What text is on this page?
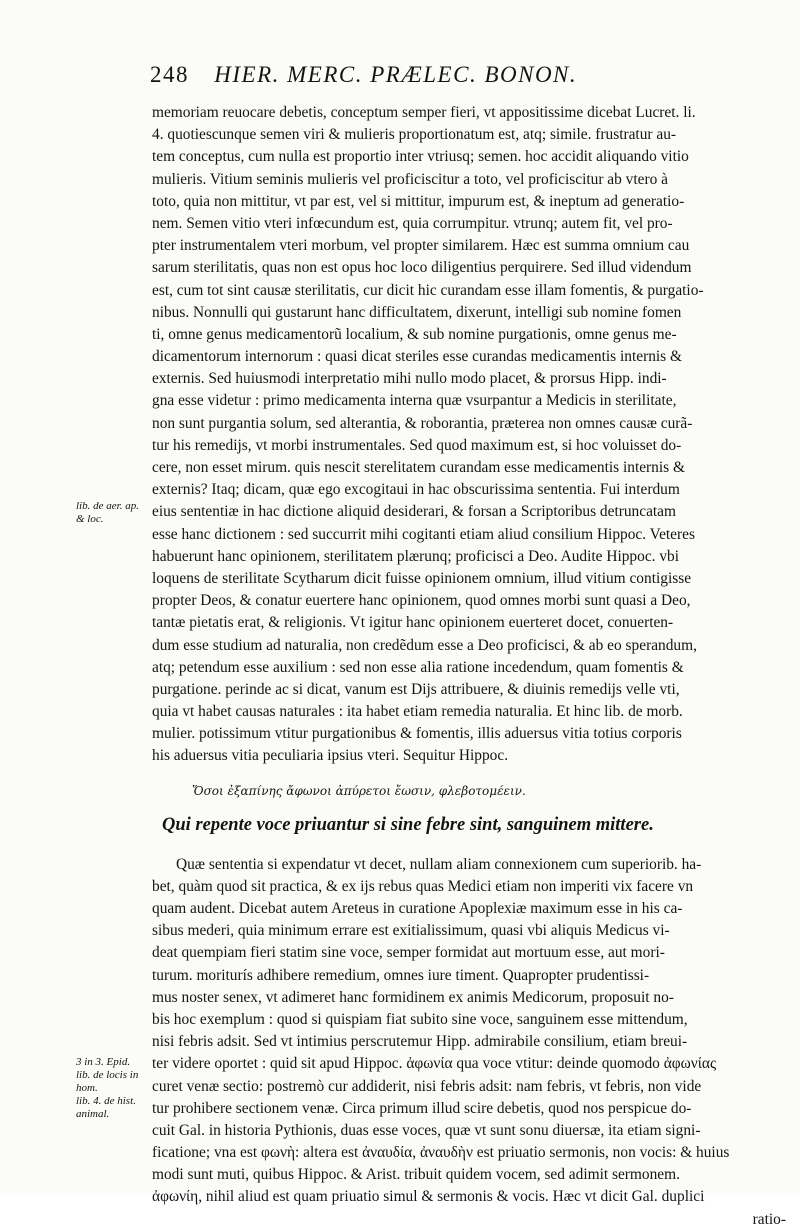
248 HIER. MERC. PRÆLEC. BONON.
lib. de aer. ap.
& loc.
3 in 3. Epid.
lib. de locis in
hom.
lib. 4. de hist.
animal.
memoriam reuocare debetis, conceptum semper fieri, vt appositissime dicebat Lucret. li.
4. quotiescunque semen viri & mulieris proportionatum est, atq; simile. frustratur au-
tem conceptus, cum nulla est proportio inter vtriusq; semen. hoc accidit aliquando vitio
mulieris. Vitium seminis mulieris vel proficiscitur a toto, vel proficiscitur ab vtero à
toto, quia non mittitur, vt par est, vel si mittitur, impurum est, & ineptum ad generatio-
nem. Semen vitio vteri infœcundum est, quia corrumpitur. vtrunq; autem fit, vel pro-
pter instrumentalem vteri morbum, vel propter similarem. Hæc est summa omnium cau
sarum sterilitatis, quas non est opus hoc loco diligentius perquirere. Sed illud videndum
est, cum tot sint causæ sterilitatis, cur dicit hic curandam esse illam fomentis, & purgatio-
nibus. Nonnulli qui gustarunt hanc difficultatem, dixerunt, intelligi sub nomine fomen
ti, omne genus medicamentorũ localium, & sub nomine purgationis, omne genus me-
dicamentorum internorum : quasi dicat steriles esse curandas medicamentis internis &
externis. Sed huiusmodi interpretatio mihi nullo modo placet, & prorsus Hipp. indi-
gna esse videtur : primo medicamenta interna quæ vsurpantur a Medicis in sterilitate,
non sunt purgantia solum, sed alterantia, & roborantia, præterea non omnes causæ curã-
tur his remedijs, vt morbi instrumentales. Sed quod maximum est, si hoc voluisset do-
cere, non esset mirum. quis nescit sterelitatem curandam esse medicamentis internis &
externis? Itaq; dicam, quæ ego excogitaui in hac obscurissima sententia. Fui interdum
eius sententiæ in hac dictione aliquid desiderari, & forsan a Scriptoribus detruncatam
esse hanc dictionem : sed succurrit mihi cogitanti etiam aliud consilium Hippoc. Veteres
habuerunt hanc opinionem, sterilitatem plærunq; proficisci a Deo. Audite Hippoc. vbi
loquens de sterilitate Scytharum dicit fuisse opinionem omnium, illud vitium contigisse
propter Deos, & conatur euertere hanc opinionem, quod omnes morbi sunt quasi a Deo,
tantæ pietatis erat, & religionis. Vt igitur hanc opinionem euerteret docet, conuerten-
dum esse studium ad naturalia, non credẽdum esse a Deo proficisci, & ab eo sperandum,
atq; petendum esse auxilium : sed non esse alia ratione incedendum, quam fomentis &
purgatione. perinde ac si dicat, vanum est Dijs attribuere, & diuinis remedijs velle vti,
quia vt habet causas naturales : ita habet etiam remedia naturalia. Et hinc lib. de morb.
mulier. potissimum vtitur purgationibus & fomentis, illis aduersus vitia totius corporis
his aduersus vitia peculiaria ipsius vteri. Sequitur Hippoc.
Ὅσοι ἐξαπίνης ἄφωνοι ἀπύρετοι ἔωσιν, φλεβοτομέειν.
Qui repente voce priuantur si sine febre sint, sanguinem mittere.
Quæ sententia si expendatur vt decet, nullam aliam connexionem cum superiorib. ha-
bet, quàm quod sit practica, & ex ijs rebus quas Medici etiam non imperiti vix facere vn
quam audent. Dicebat autem Areteus in curatione Apoplexiæ maximum esse in his ca-
sibus mederi, quia minimum errare est exitialissimum, quasi vbi aliquis Medicus vi-
deat quempiam fieri statim sine voce, semper formidat aut mortuum esse, aut mori-
turum. moriturís adhibere remedium, omnes iure timent. Quapropter prudentissi-
mus noster senex, vt adimeret hanc formidinem ex animis Medicorum, proposuit no-
bis hoc exemplum : quod si quispiam fiat subito sine voce, sanguinem esse mittendum,
nisi febris adsit. Sed vt intimius perscrutemur Hipp. admirabile consilium, etiam breui-
ter videre oportet : quid sit apud Hippoc. ἀφωνία qua voce vtitur: deinde quomodo ἀφωνίας
curet venæ sectio: postremò cur addiderit, nisi febris adsit: nam febris, vt febris, non vide
tur prohibere sectionem venæ. Circa primum illud scire debetis, quod nos perspicue do-
cuit Gal. in historia Pythionis, duas esse voces, quæ vt sunt sonu diuersæ, ita etiam signi-
ficatione; vna est φωνὴ: altera est ἀναυδία, ἀναυδὴν est priuatio sermonis, non vocis: & huius
modi sunt muti, quibus Hippoc. & Arist. tribuit quidem vocem, sed adimit sermonem.
ἀφωνίη, nihil aliud est quam priuatio simul & sermonis & vocis. Hæc vt dicit Gal. duplici
ratio-
